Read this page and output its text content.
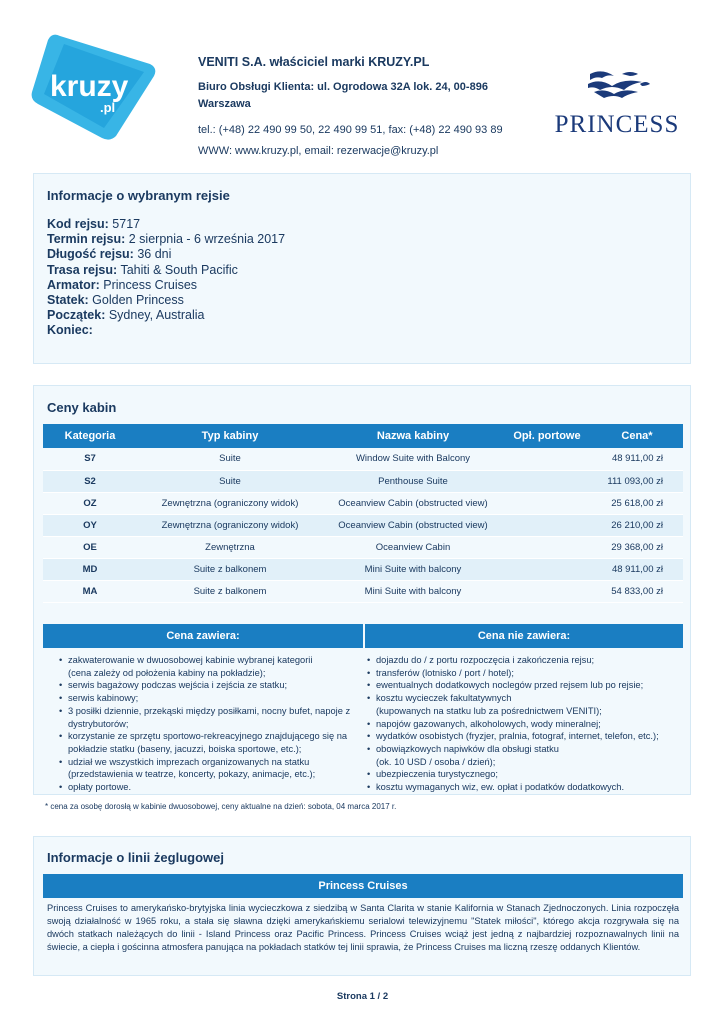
kruzy
.pl
VENITI S.A. właściciel marki KRUZY.PL
Biuro Obsługi Klienta: ul. Ogrodowa 32A lok. 24, 00-896
Warszawa
tel.: (+48) 22 490 99 50, 22 490 99 51, fax: (+48) 22 490 93 89
WWW: www.kruzy.pl, email: rezerwacje@kruzy.pl
PRINCESS
Informacje o wybranym rejsie
Kod rejsu: 5717
Termin rejsu: 2 sierpnia - 6 września 2017
Długość rejsu: 36 dni
Trasa rejsu: Tahiti & South Pacific
Armator: Princess Cruises
Statek: Golden Princess
Początek: Sydney, Australia
Koniec:
Ceny kabin
Kategoria	Typ kabiny	Nazwa kabiny	Opł. portowe	Cena*
S7	Suite	Window Suite with Balcony		48 911,00 zł
S2	Suite	Penthouse Suite		111 093,00 zł
OZ	Zewnętrzna (ograniczony widok)	Oceanview Cabin (obstructed view)		25 618,00 zł
OY	Zewnętrzna (ograniczony widok)	Oceanview Cabin (obstructed view)		26 210,00 zł
OE	Zewnętrzna	Oceanview Cabin		29 368,00 zł
MD	Suite z balkonem	Mini Suite with balcony		48 911,00 zł
MA	Suite z balkonem	Mini Suite with balcony		54 833,00 zł
Cena zawiera:	Cena nie zawiera:
• zakwaterowanie w dwuosobowej kabinie wybranej kategorii
(cena zależy od położenia kabiny na pokładzie);
• serwis bagażowy podczas wejścia i zejścia ze statku;
• serwis kabinowy;
• 3 posiłki dziennie, przekąski między posiłkami, nocny bufet, napoje z
dystrybutorów;
• korzystanie ze sprzętu sportowo-rekreacyjnego znajdującego się na
pokładzie statku (baseny, jacuzzi, boiska sportowe, etc.);
• udział we wszystkich imprezach organizowanych na statku
(przedstawienia w teatrze, koncerty, pokazy, animacje, etc.);
• opłaty portowe.
• dojazdu do / z portu rozpoczęcia i zakończenia rejsu;
• transferów (lotnisko / port / hotel);
• ewentualnych dodatkowych noclegów przed rejsem lub po rejsie;
• kosztu wycieczek fakultatywnych
(kupowanych na statku lub za pośrednictwem VENITI);
• napojów gazowanych, alkoholowych, wody mineralnej;
• wydatków osobistych (fryzjer, pralnia, fotograf, internet, telefon, etc.);
• obowiązkowych napiwków dla obsługi statku
(ok. 10 USD / osoba / dzień);
• ubezpieczenia turystycznego;
• kosztu wymaganych wiz, ew. opłat i podatków dodatkowych.
* cena za osobę dorosłą w kabinie dwuosobowej, ceny aktualne na dzień: sobota, 04 marca 2017 r.
Informacje o linii żeglugowej
Princess Cruises
Princess Cruises to amerykańsko-brytyjska linia wycieczkowa z siedzibą w Santa Clarita w stanie Kalifornia w Stanach Zjednoczonych. Linia rozpoczęła swoją działalność w 1965 roku, a stała się sławna dzięki amerykańskiemu serialowi telewizyjnemu "Statek miłości", którego akcja rozgrywała się na dwóch statkach należących do linii - Island Princess oraz Pacific Princess. Princess Cruises wciąż jest jedną z najbardziej rozpoznawalnych linii na świecie, a ciepła i gościnna atmosfera panująca na pokładach statków tej linii sprawia, że Princess Cruises ma liczną rzeszę oddanych Klientów.
Strona 1 / 2
